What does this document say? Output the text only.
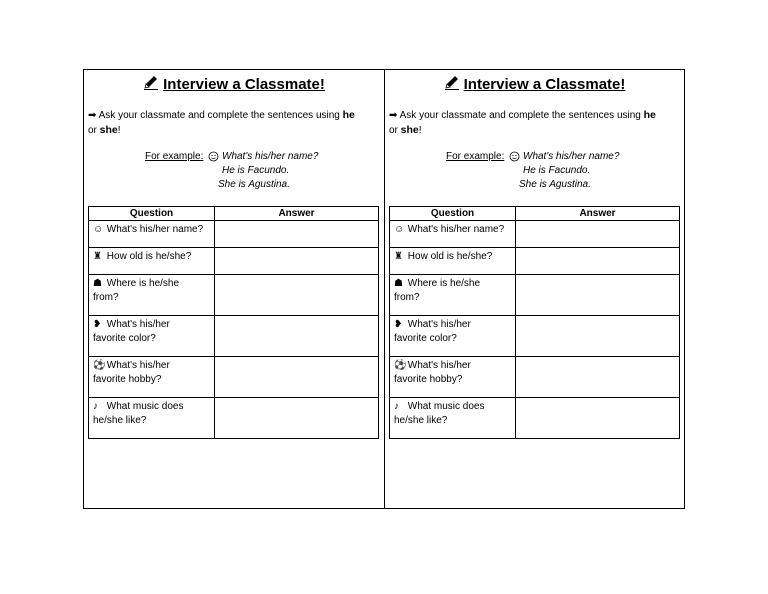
Interview a Classmate!
➡ Ask your classmate and complete the sentences using he
or she!
For example: What's his/her name?
He is Facundo.
She is Agustina.
Question	Answer
☺ What's his/her name?	
♜ How old is he/she?	
☗ Where is he/she
from?	
❥ What's his/her
favorite color?	
⚽ What's his/her
favorite hobby?	
♪ What music does
he/she like?	
Interview a Classmate!
➡ Ask your classmate and complete the sentences using he
or she!
For example: What's his/her name?
He is Facundo.
She is Agustina.
Question	Answer
☺ What's his/her name?	
♜ How old is he/she?	
☗ Where is he/she
from?	
❥ What's his/her
favorite color?	
⚽ What's his/her
favorite hobby?	
♪ What music does
he/she like?	
